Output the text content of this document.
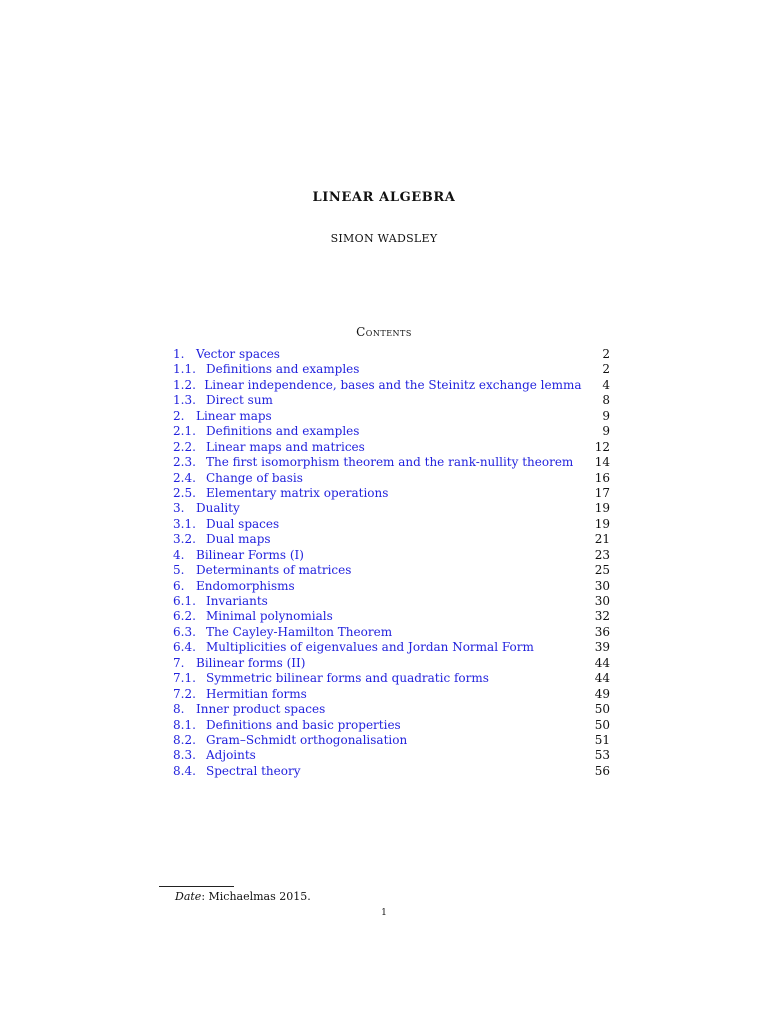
LINEAR ALGEBRA
SIMON WADSLEY
Contents
1. Vector spaces	2
1.1. Definitions and examples	2
1.2. Linear independence, bases and the Steinitz exchange lemma	4
1.3. Direct sum	8
2. Linear maps	9
2.1. Definitions and examples	9
2.2. Linear maps and matrices	12
2.3. The first isomorphism theorem and the rank-nullity theorem	14
2.4. Change of basis	16
2.5. Elementary matrix operations	17
3. Duality	19
3.1. Dual spaces	19
3.2. Dual maps	21
4. Bilinear Forms (I)	23
5. Determinants of matrices	25
6. Endomorphisms	30
6.1. Invariants	30
6.2. Minimal polynomials	32
6.3. The Cayley-Hamilton Theorem	36
6.4. Multiplicities of eigenvalues and Jordan Normal Form	39
7. Bilinear forms (II)	44
7.1. Symmetric bilinear forms and quadratic forms	44
7.2. Hermitian forms	49
8. Inner product spaces	50
8.1. Definitions and basic properties	50
8.2. Gram–Schmidt orthogonalisation	51
8.3. Adjoints	53
8.4. Spectral theory	56
Date: Michaelmas 2015.
1
